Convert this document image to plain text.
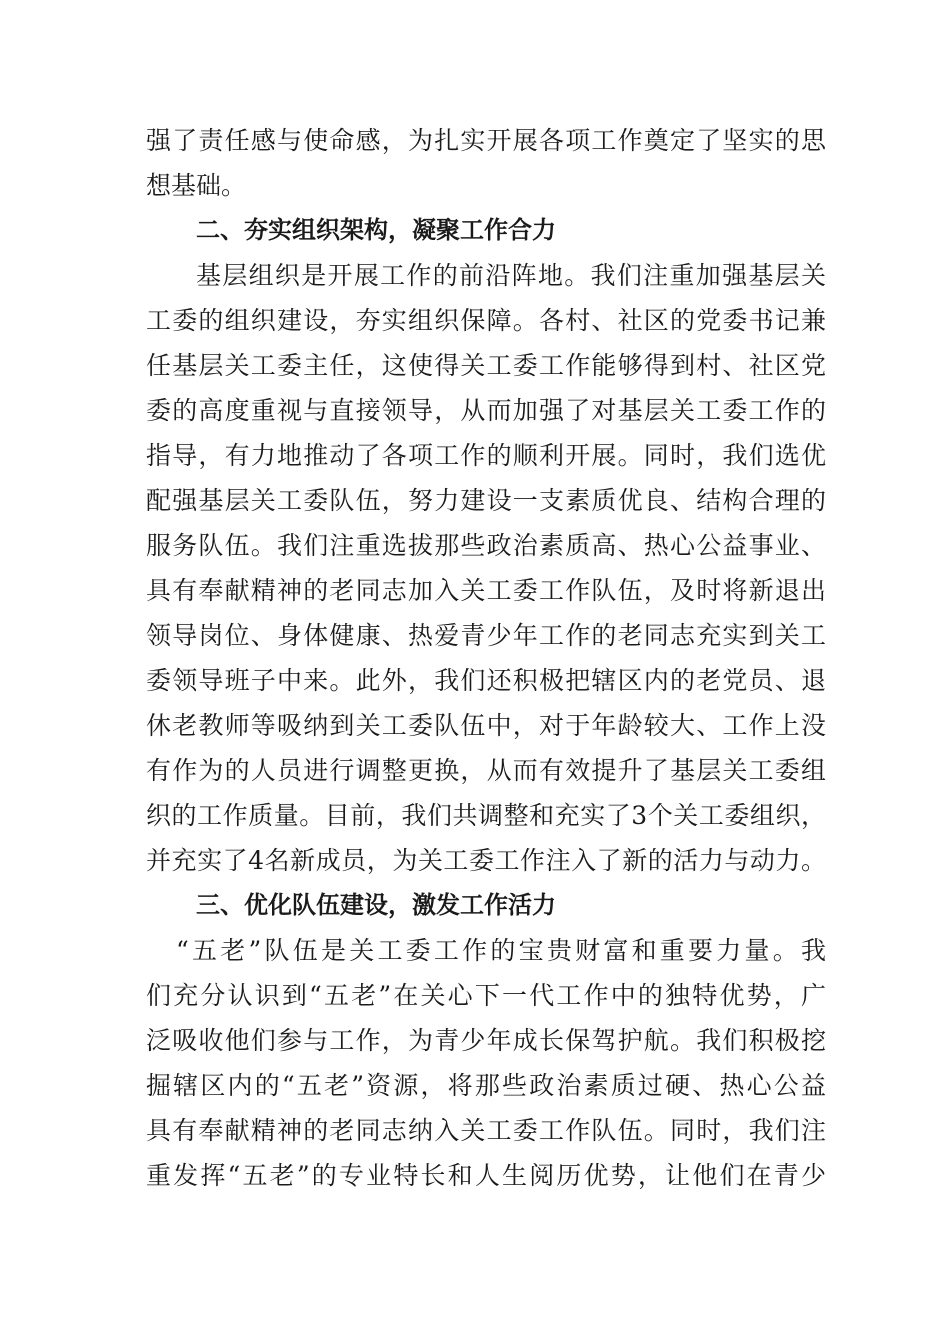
强了责任感与使命感，为扎实开展各项工作奠定了坚实的思
想基础。
二、夯实组织架构，凝聚工作合力
基层组织是开展工作的前沿阵地。我们注重加强基层关
工委的组织建设，夯实组织保障。各村、社区的党委书记兼
任基层关工委主任，这使得关工委工作能够得到村、社区党
委的高度重视与直接领导，从而加强了对基层关工委工作的
指导，有力地推动了各项工作的顺利开展。同时，我们选优
配强基层关工委队伍，努力建设一支素质优良、结构合理的
服务队伍。我们注重选拔那些政治素质高、热心公益事业、
具有奉献精神的老同志加入关工委工作队伍，及时将新退出
领导岗位、身体健康、热爱青少年工作的老同志充实到关工
委领导班子中来。此外，我们还积极把辖区内的老党员、退
休老教师等吸纳到关工委队伍中，对于年龄较大、工作上没
有作为的人员进行调整更换，从而有效提升了基层关工委组
织的工作质量。目前，我们共调整和充实了3个关工委组织，
并充实了4名新成员，为关工委工作注入了新的活力与动力。
三、优化队伍建设，激发工作活力
“五老”队伍是关工委工作的宝贵财富和重要力量。我
们充分认识到“五老”在关心下一代工作中的独特优势，广
泛吸收他们参与工作，为青少年成长保驾护航。我们积极挖
掘辖区内的“五老”资源，将那些政治素质过硬、热心公益
具有奉献精神的老同志纳入关工委工作队伍。同时，我们注
重发挥“五老”的专业特长和人生阅历优势，让他们在青少
